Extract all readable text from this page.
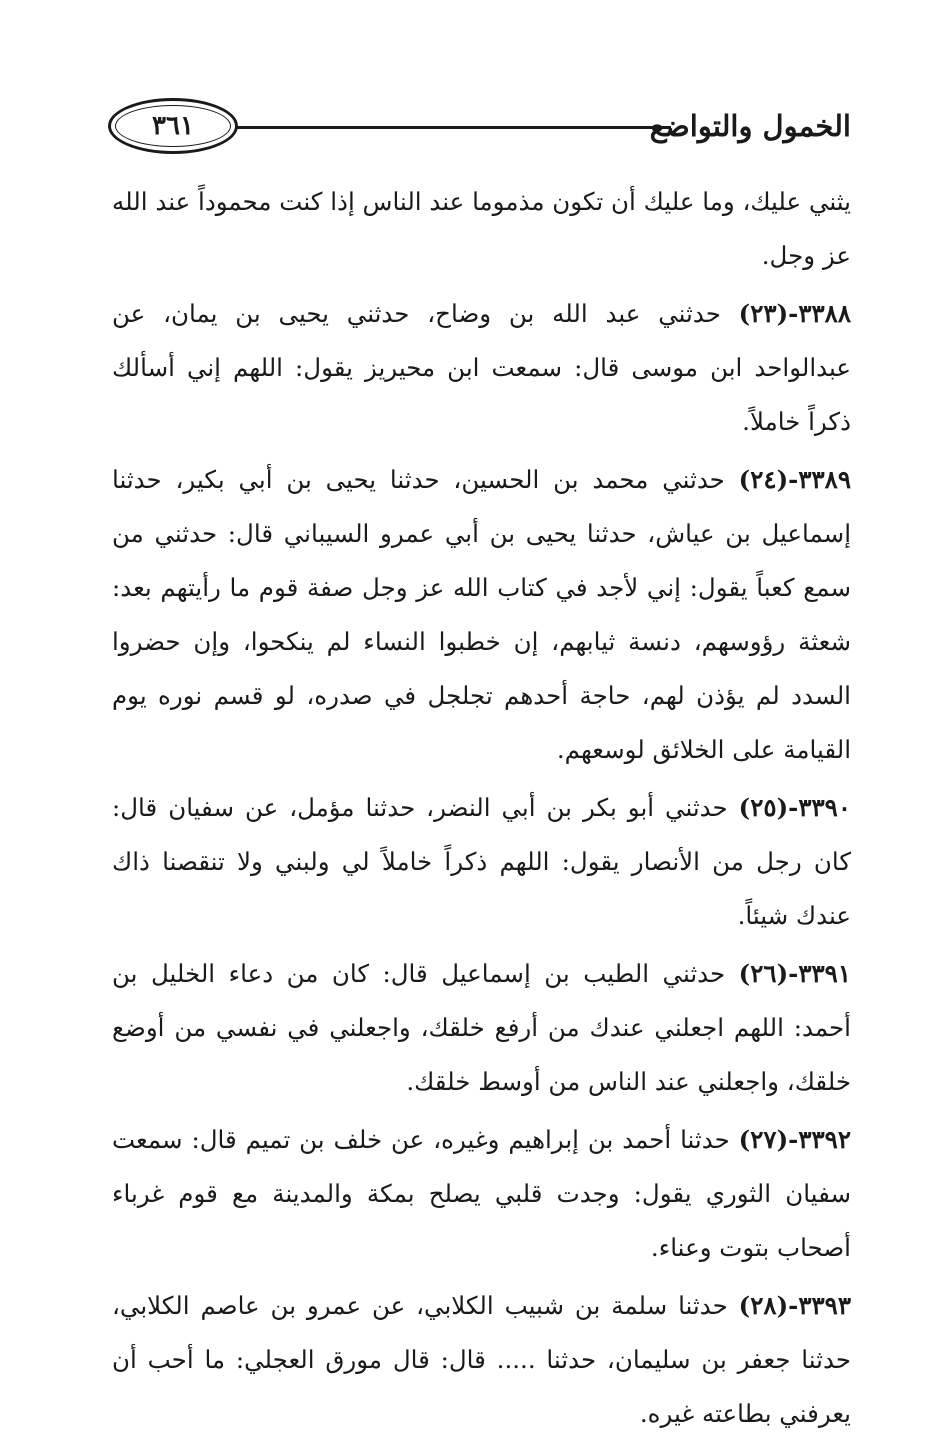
الخمول والتواضع
٣٦١

يثني عليك، وما عليك أن تكون مذموما عند الناس إذا كنت محموداً عند الله عز وجل.

٣٣٨٨-(٢٣) حدثني عبد الله بن وضاح، حدثني يحيى بن يمان، عن عبدالواحد ابن موسى قال: سمعت ابن محيريز يقول: اللهم إني أسألك ذكراً خاملاً.

٣٣٨٩-(٢٤) حدثني محمد بن الحسين، حدثنا يحيى بن أبي بكير، حدثنا إسماعيل بن عياش، حدثنا يحيى بن أبي عمرو السيباني قال: حدثني من سمع كعباً يقول: إني لأجد في كتاب الله عز وجل صفة قوم ما رأيتهم بعد: شعثة رؤوسهم، دنسة ثيابهم، إن خطبوا النساء لم ينكحوا، وإن حضروا السدد لم يؤذن لهم، حاجة أحدهم تجلجل في صدره، لو قسم نوره يوم القيامة على الخلائق لوسعهم.

٣٣٩٠-(٢٥) حدثني أبو بكر بن أبي النضر، حدثنا مؤمل، عن سفيان قال: كان رجل من الأنصار يقول: اللهم ذكراً خاملاً لي ولبني ولا تنقصنا ذاك عندك شيئاً.

٣٣٩١-(٢٦) حدثني الطيب بن إسماعيل قال: كان من دعاء الخليل بن أحمد: اللهم اجعلني عندك من أرفع خلقك، واجعلني في نفسي من أوضع خلقك، واجعلني عند الناس من أوسط خلقك.

٣٣٩٢-(٢٧) حدثنا أحمد بن إبراهيم وغيره، عن خلف بن تميم قال: سمعت سفيان الثوري يقول: وجدت قلبي يصلح بمكة والمدينة مع قوم غرباء أصحاب بتوت وعناء.

٣٣٩٣-(٢٨) حدثنا سلمة بن شبيب الكلابي، عن عمرو بن عاصم الكلابي، حدثنا جعفر بن سليمان، حدثنا ..... قال: قال مورق العجلي: ما أحب أن يعرفني بطاعته غيره.
